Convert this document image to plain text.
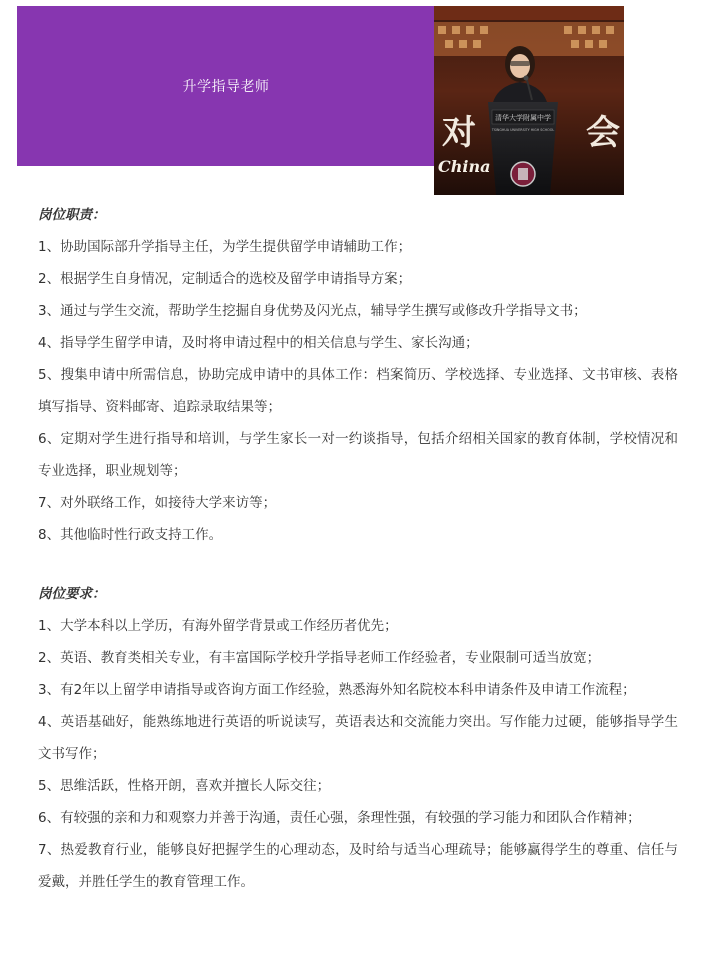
升学指导老师
对	会
China
清华大学附属中学
TSINGHUA UNIVERSITY HIGH SCHOOL

岗位职责：

1、协助国际部升学指导主任，为学生提供留学申请辅助工作；

2、根据学生自身情况，定制适合的选校及留学申请指导方案；

3、通过与学生交流，帮助学生挖掘自身优势及闪光点，辅导学生撰写或修改升学指导文书；

4、指导学生留学申请，及时将申请过程中的相关信息与学生、家长沟通；

5、搜集申请中所需信息，协助完成申请中的具体工作：档案简历、学校选择、专业选择、文书审核、表格填写指导、资料邮寄、追踪录取结果等；

6、定期对学生进行指导和培训，与学生家长一对一约谈指导，包括介绍相关国家的教育体制，学校情况和专业选择，职业规划等；

7、对外联络工作，如接待大学来访等；

8、其他临时性行政支持工作。

岗位要求：

1、大学本科以上学历，有海外留学背景或工作经历者优先；

2、英语、教育类相关专业，有丰富国际学校升学指导老师工作经验者，专业限制可适当放宽；

3、有2年以上留学申请指导或咨询方面工作经验，熟悉海外知名院校本科申请条件及申请工作流程；

4、英语基础好，能熟练地进行英语的听说读写，英语表达和交流能力突出。写作能力过硬，能够指导学生文书写作；

5、思维活跃，性格开朗，喜欢并擅长人际交往；

6、有较强的亲和力和观察力并善于沟通，责任心强，条理性强，有较强的学习能力和团队合作精神；

7、热爱教育行业，能够良好把握学生的心理动态，及时给与适当心理疏导；能够赢得学生的尊重、信任与爱戴，并胜任学生的教育管理工作。
